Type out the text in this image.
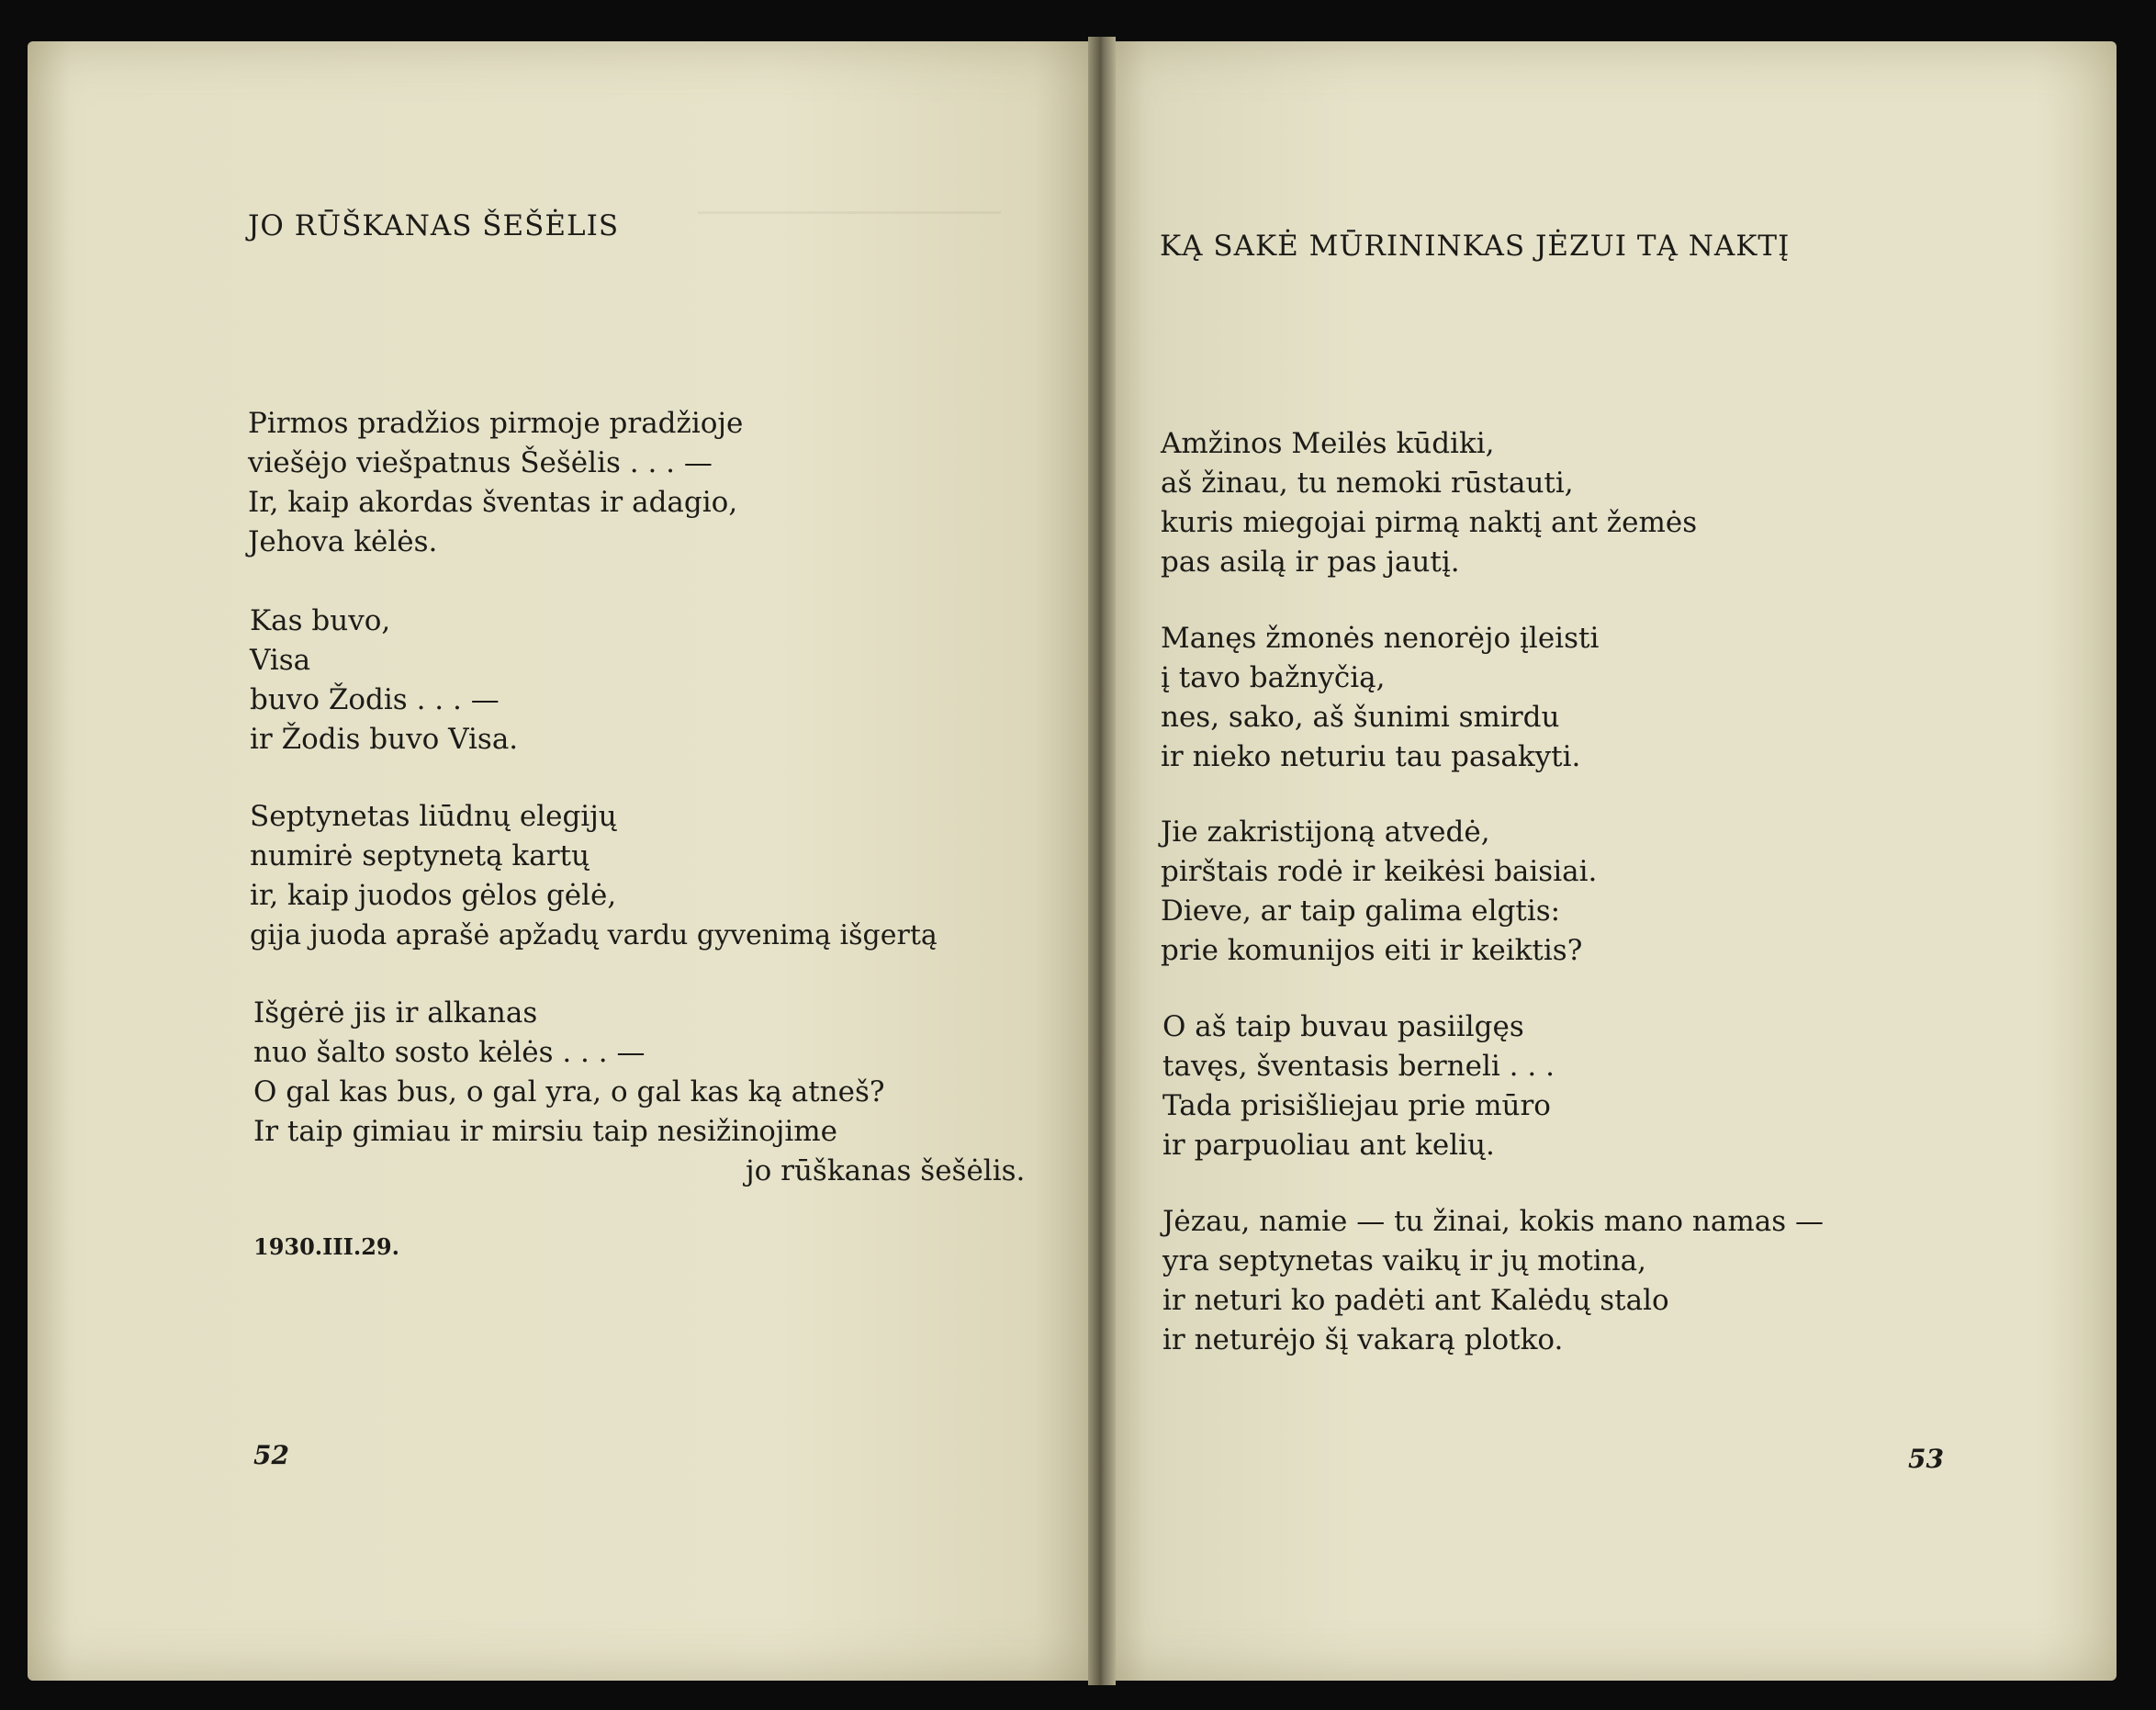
JO RŪŠKANAS ŠEŠĖLIS
Pirmos pradžios pirmoje pradžioje
viešėjo viešpatnus Šešėlis . . . —
Ir, kaip akordas šventas ir adagio,
Jehova kėlės.
Kas buvo,
Visa
buvo Žodis . . . —
ir Žodis buvo Visa.
Septynetas liūdnų elegijų
numirė septynetą kartų
ir, kaip juodos gėlos gėlė,
gija juoda aprašė apžadų vardu gyvenimą išgertą
Išgėrė jis ir alkanas
nuo šalto sosto kėlės . . . —
O gal kas bus, o gal yra, o gal kas ką atneš?
Ir taip gimiau ir mirsiu taip nesižinojime
jo rūškanas šešėlis.
1930.III.29.
52
KĄ SAKĖ MŪRININKAS JĖZUI TĄ NAKTĮ
Amžinos Meilės kūdiki,
aš žinau, tu nemoki rūstauti,
kuris miegojai pirmą naktį ant žemės
pas asilą ir pas jautį.
Manęs žmonės nenorėjo įleisti
į tavo bažnyčią,
nes, sako, aš šunimi smirdu
ir nieko neturiu tau pasakyti.
Jie zakristijoną atvedė,
pirštais rodė ir keikėsi baisiai.
Dieve, ar taip galima elgtis:
prie komunijos eiti ir keiktis?
O aš taip buvau pasiilgęs
tavęs, šventasis berneli . . .
Tada prisišliejau prie mūro
ir parpuoliau ant kelių.
Jėzau, namie — tu žinai, kokis mano namas —
yra septynetas vaikų ir jų motina,
ir neturi ko padėti ant Kalėdų stalo
ir neturėjo šį vakarą plotko.
53
